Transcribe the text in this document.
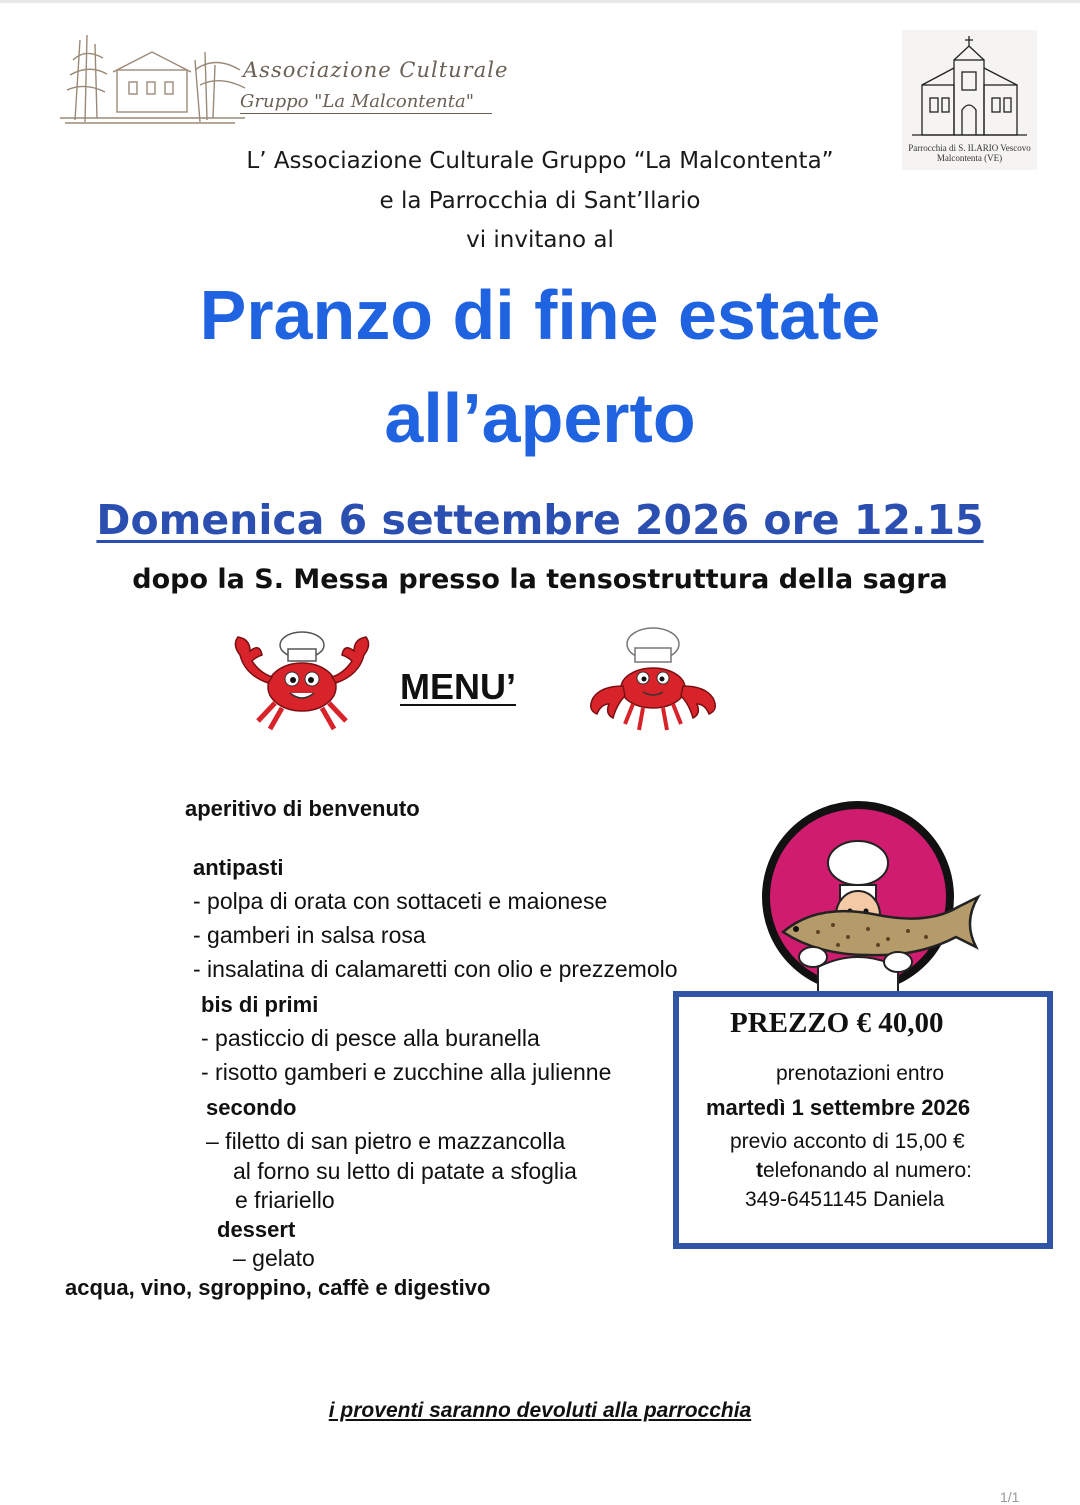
Associazione Culturale
Gruppo "La Malcontenta"
Parrocchia di S. ILARIO Vescovo
Malcontenta (VE)
L’ Associazione Culturale Gruppo “La Malcontenta”
e la Parrocchia di Sant’Ilario
vi invitano al
Pranzo di fine estate
all’aperto
Domenica 6 settembre 2026 ore 12.15
dopo la S. Messa presso la tensostruttura della sagra
MENU’
aperitivo di benvenuto
antipasti
- polpa di orata con sottaceti e maionese
- gamberi in salsa rosa
- insalatina di calamaretti con olio e prezzemolo
bis di primi
- pasticcio di pesce alla buranella
- risotto gamberi e zucchine alla julienne
secondo
– filetto di san pietro e mazzancolla
al forno su letto di patate a sfoglia
e friariello
dessert
– gelato
acqua, vino, sgroppino, caffè e digestivo
PREZZO € 40,00
prenotazioni entro
martedì 1 settembre 2026
previo acconto di 15,00 €
telefonando al numero:
349-6451145 Daniela
i proventi saranno devoluti alla parrocchia
1/1
